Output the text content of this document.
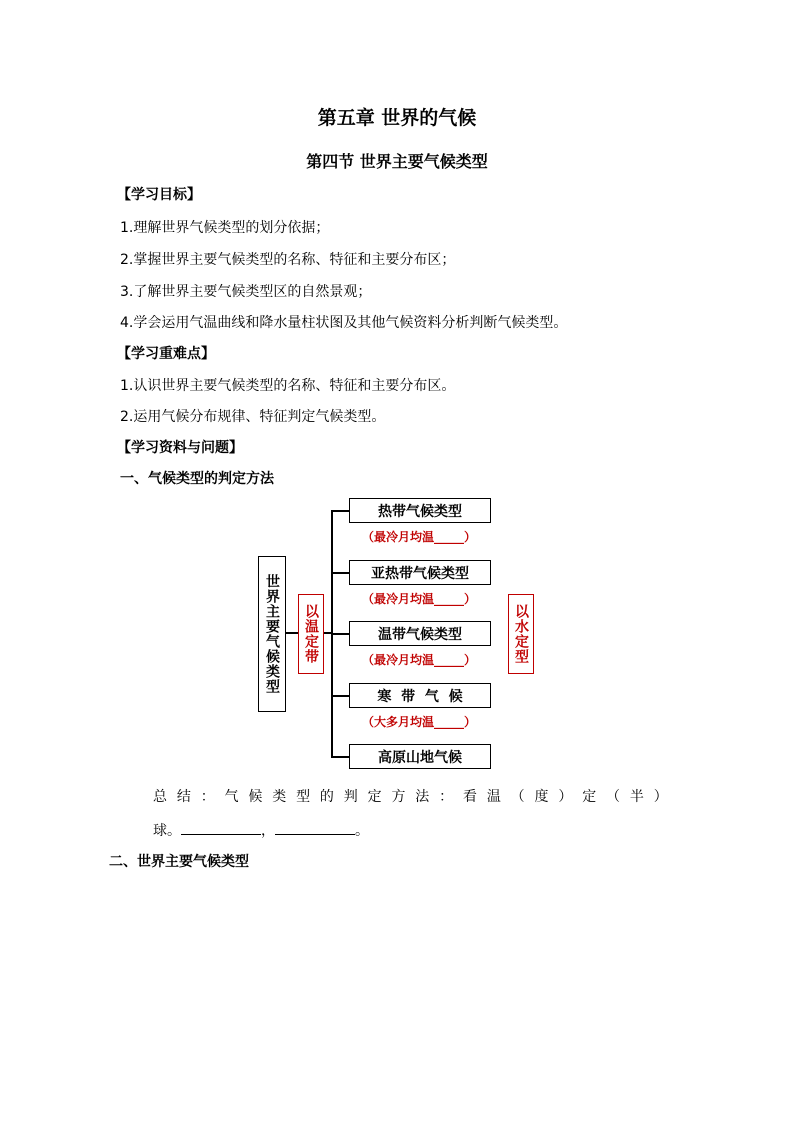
第五章 世界的气候
第四节 世界主要气候类型
【学习目标】
1.理解世界气候类型的划分依据；
2.掌握世界主要气候类型的名称、特征和主要分布区；
3.了解世界主要气候类型区的自然景观；
4.学会运用气温曲线和降水量柱状图及其他气候资料分析判断气候类型。
【学习重难点】
1.认识世界主要气候类型的名称、特征和主要分布区。
2.运用气候分布规律、特征判定气候类型。
【学习资料与问题】
一、气候类型的判定方法
世界主要气候类型 以温定带	以水定型
热带气候类型
（最冷月均温_____）
亚热带气候类型
（最冷月均温_____）
温带气候类型
（最冷月均温_____）
寒  带  气  候
（大多月均温_____）
高原山地气候
总 结 ： 气 候 类 型 的 判 定 方 法 ： 看 温 （ 度 ） 定 （ 半 ）
球。	，	。
二、世界主要气候类型
